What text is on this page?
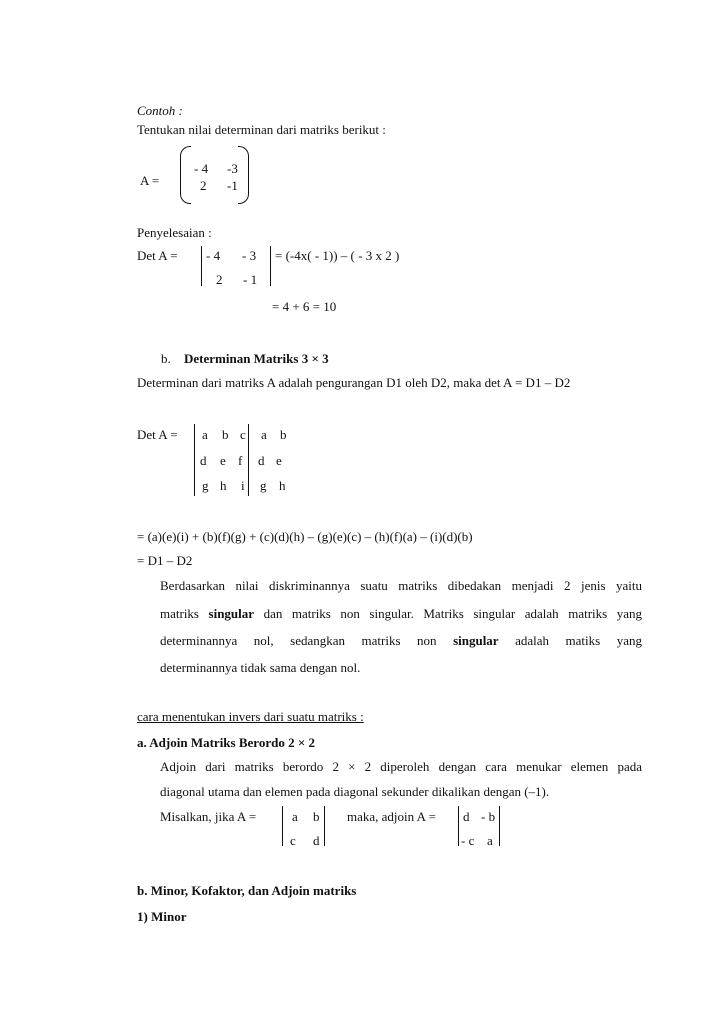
Contoh :
Tentukan nilai determinan dari matriks berikut :
A =
- 4 -3
2 -1
Penyelesaian :
Det A = - 4 - 3
2 - 1
= (-4x( - 1)) – ( - 3 x 2 )
= 4 + 6 = 10
b. Determinan Matriks 3 × 3
Determinan dari matriks A adalah pengurangan D1 oleh D2, maka det A = D1 – D2
Det A = a b c a b
d e f d e
g h i g h
= (a)(e)(i) + (b)(f)(g) + (c)(d)(h) – (g)(e)(c) – (h)(f)(a) – (i)(d)(b)
= D1 – D2
Berdasarkan nilai diskriminannya suatu matriks dibedakan menjadi 2 jenis yaitu
matriks singular dan matriks non singular. Matriks singular adalah matriks yang
determinannya nol, sedangkan matriks non singular adalah matiks yang
determinannya tidak sama dengan nol.
cara menentukan invers dari suatu matriks :
a. Adjoin Matriks Berordo 2 × 2
Adjoin dari matriks berordo 2 × 2 diperoleh dengan cara menukar elemen pada
diagonal utama dan elemen pada diagonal sekunder dikalikan dengan (–1).
Misalkan, jika A =	a b
c d
maka, adjoin A = d - b
- c a
b. Minor, Kofaktor, dan Adjoin matriks
1) Minor
